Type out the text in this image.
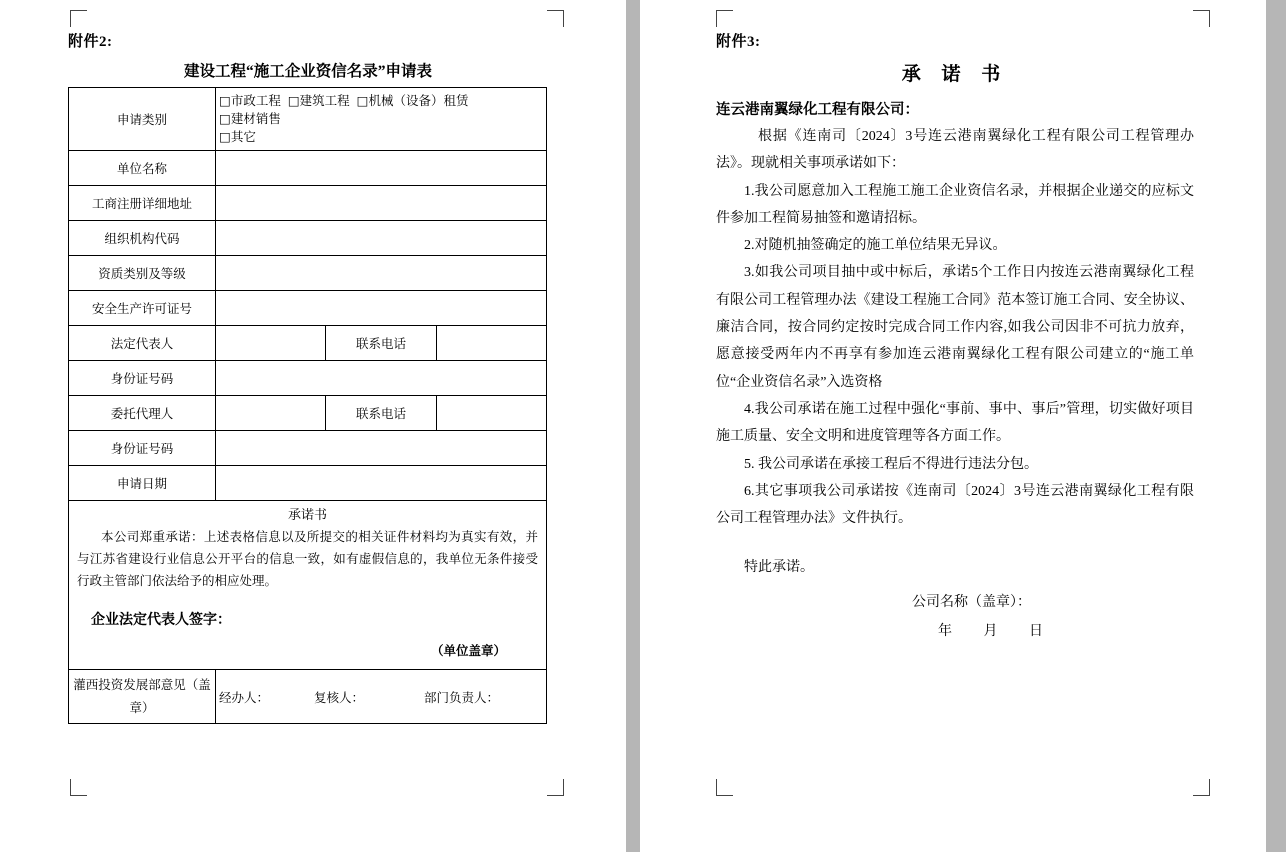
附件2:
建设工程“施工企业资信名录”申请表
申请类别	□市政工程 □建筑工程 □机械（设备）租赁□建材销售
□其它		
单位名称			
工商注册详细地址			
组织机构代码			
资质类别及等级			
安全生产许可证号			
法定代表人		联系电话	
身份证号码			
委托代理人		联系电话	
身份证号码			
申请日期			

承诺书
本公司郑重承诺：上述表格信息以及所提交的相关证件材料均为真实有效，并与江苏省建设行业信息公开平台的信息一致，如有虚假信息的，我单位无条件接受行政主管部门依法给予的相应处理。
企业法定代表人签字：
（单位盖章）			

灌西投资发展部意见（盖章）	经办人： 复核人： 部门负责人：		
附件3:
承 诺 书
连云港南翼绿化工程有限公司：

根据《连南司〔2024〕3号连云港南翼绿化工程有限公司工程管理办法》。现就相关事项承诺如下：

1.我公司愿意加入工程施工施工企业资信名录，并根据企业递交的应标文件参加工程简易抽签和邀请招标。

2.对随机抽签确定的施工单位结果无异议。

3.如我公司项目抽中或中标后，承诺5个工作日内按连云港南翼绿化工程有限公司工程管理办法《建设工程施工合同》范本签订施工合同、安全协议、廉洁合同，按合同约定按时完成合同工作内容,如我公司因非不可抗力放弃，愿意接受两年内不再享有参加连云港南翼绿化工程有限公司建立的“施工单位“企业资信名录”入选资格

4.我公司承诺在施工过程中强化“事前、事中、事后”管理，切实做好项目施工质量、安全文明和进度管理等各方面工作。

5. 我公司承诺在承接工程后不得进行违法分包。

6.其它事项我公司承诺按《连南司〔2024〕3号连云港南翼绿化工程有限公司工程管理办法》文件执行。

特此承诺。

公司名称（盖章）：
年 月 日
